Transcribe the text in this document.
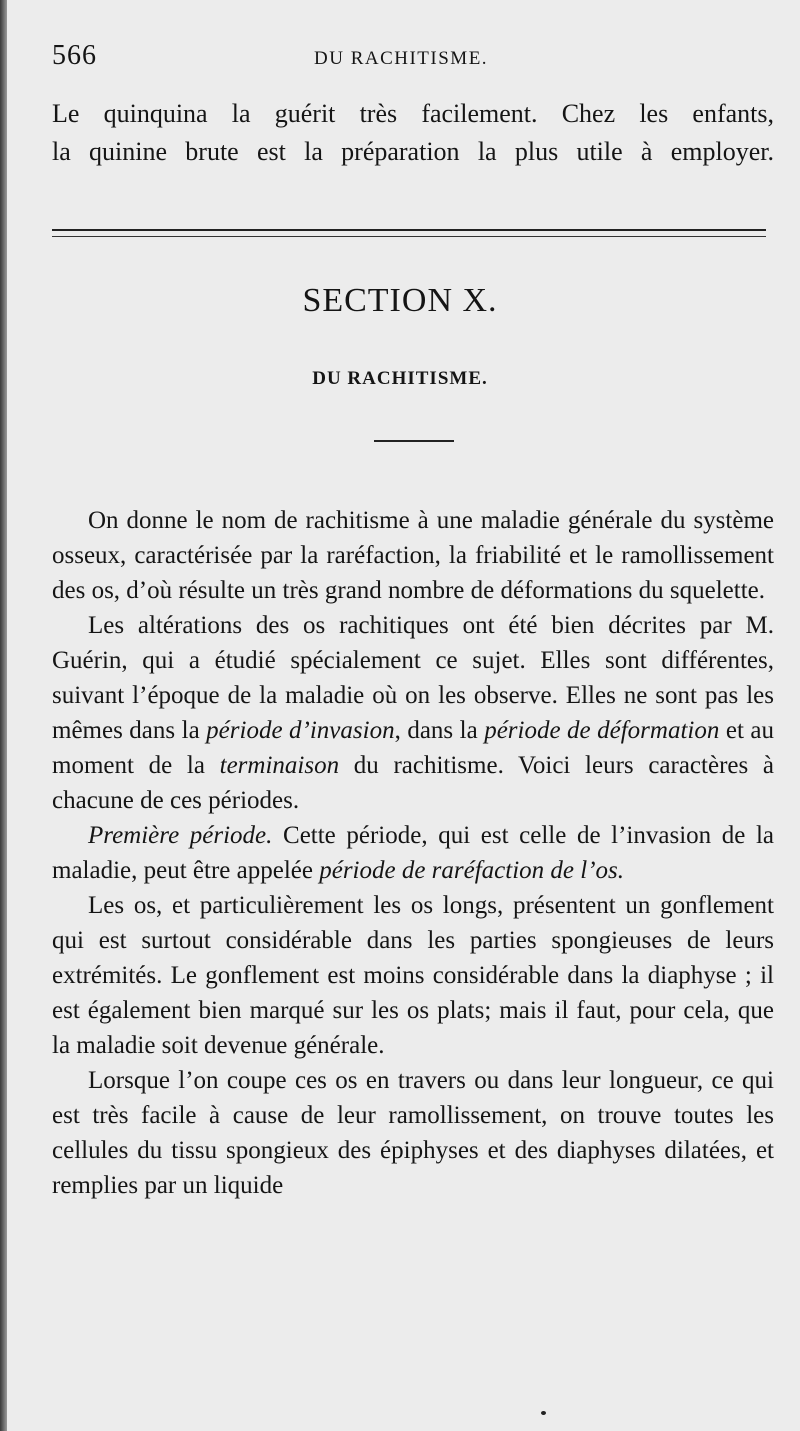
566	DU RACHITISME.

Le quinquina la guérit très facilement. Chez les enfants,

la quinine brute est la préparation la plus utile à employer.

SECTION X.
DU RACHITISME.

On donne le nom de rachitisme à une maladie générale du système osseux, caractérisée par la raréfaction, la friabilité et le ramollissement des os, d’où résulte un très grand nombre de déformations du squelette.

Les altérations des os rachitiques ont été bien décrites par M. Guérin, qui a étudié spécialement ce sujet. Elles sont différentes, suivant l’époque de la maladie où on les observe. Elles ne sont pas les mêmes dans la période d’invasion, dans la période de déformation et au moment de la terminaison du rachitisme. Voici leurs caractères à chacune de ces périodes.

Première période. Cette période, qui est celle de l’invasion de la maladie, peut être appelée période de raréfaction de l’os.

Les os, et particulièrement les os longs, présentent un gonflement qui est surtout considérable dans les parties spongieuses de leurs extrémités. Le gonflement est moins considérable dans la diaphyse ; il est également bien marqué sur les os plats; mais il faut, pour cela, que la maladie soit devenue générale.

Lorsque l’on coupe ces os en travers ou dans leur longueur, ce qui est très facile à cause de leur ramollissement, on trouve toutes les cellules du tissu spongieux des épiphyses et des diaphyses dilatées, et remplies par un liquide
